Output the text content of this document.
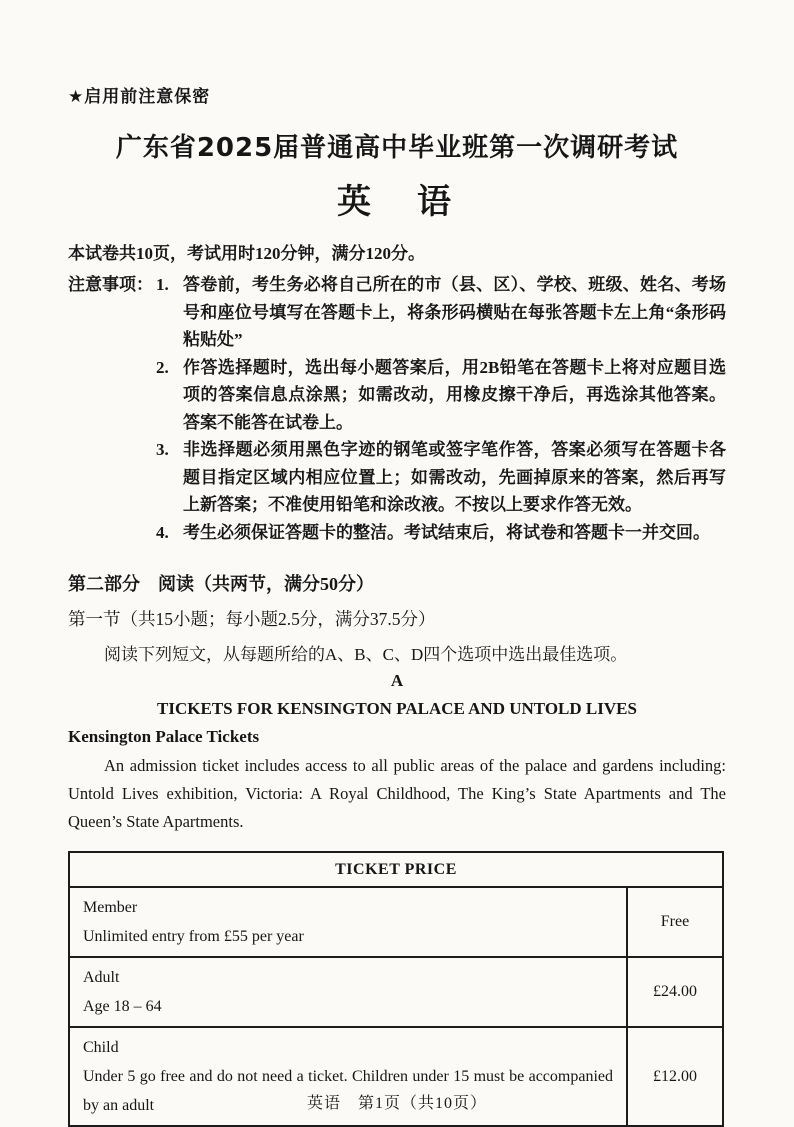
★启用前注意保密
广东省2025届普通高中毕业班第一次调研考试
英　语
本试卷共10页，考试用时120分钟，满分120分。
注意事项： 1. 答卷前，考生务必将自己所在的市（县、区）、学校、班级、姓名、考场号和座位号填写在答题卡上，将条形码横贴在每张答题卡左上角“条形码粘贴处”
2. 作答选择题时，选出每小题答案后，用2B铅笔在答题卡上将对应题目选项的答案信息点涂黑；如需改动，用橡皮擦干净后，再选涂其他答案。答案不能答在试卷上。
3. 非选择题必须用黑色字迹的钢笔或签字笔作答，答案必须写在答题卡各题目指定区域内相应位置上；如需改动，先画掉原来的答案，然后再写上新答案；不准使用铅笔和涂改液。不按以上要求作答无效。
4. 考生必须保证答题卡的整洁。考试结束后，将试卷和答题卡一并交回。
第二部分　阅读（共两节，满分50分）
第一节（共15小题；每小题2.5分，满分37.5分）

阅读下列短文，从每题所给的A、B、C、D四个选项中选出最佳选项。

A
TICKETS FOR KENSINGTON PALACE AND UNTOLD LIVES
Kensington Palace Tickets

An admission ticket includes access to all public areas of the palace and gardens including: Untold Lives exhibition, Victoria: A Royal Childhood, The King’s State Apartments and The Queen’s State Apartments.

TICKET PRICE	

Member
Unlimited entry from £55 per year	Free

Adult
Age 18 – 64	£24.00

Child
Under 5 go free and do not need a ticket. Children under 15 must be accompanied by an adult	£12.00
英语　第1页（共10页）
